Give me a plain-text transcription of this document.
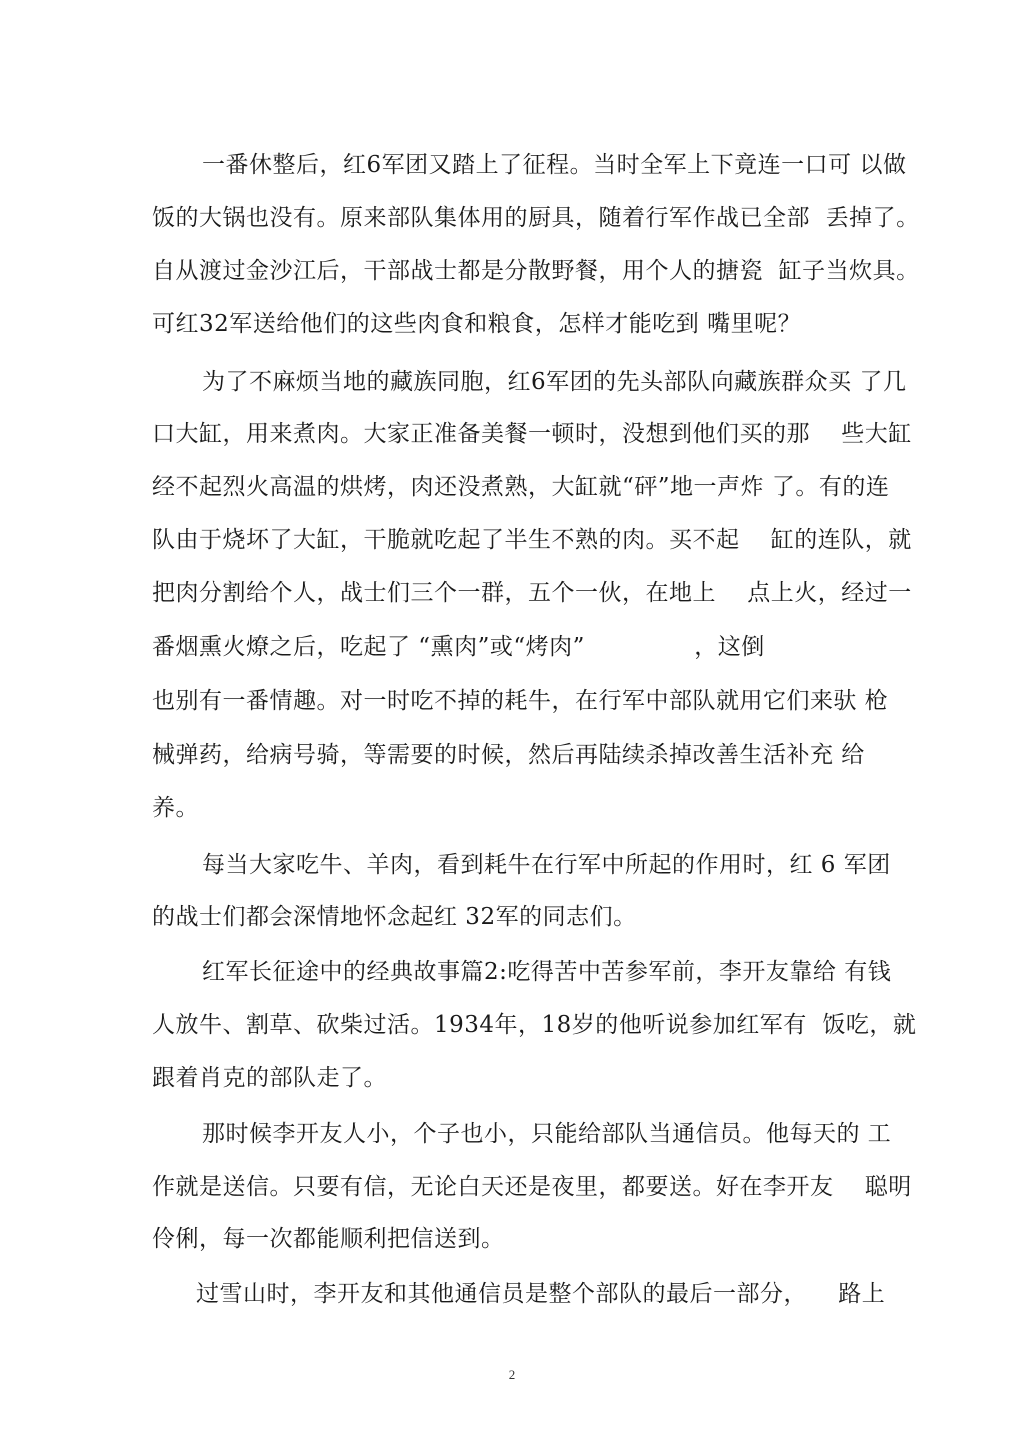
一番休整后，红6军团又踏上了征程。当时全军上下竟连一口可 以做
饭的大锅也没有。原来部队集体用的厨具，随着行军作战已全部  丢掉了。
自从渡过金沙江后，干部战士都是分散野餐，用个人的搪瓷  缸子当炊具。
可红32军送给他们的这些肉食和粮食，怎样才能吃到 嘴里呢？
为了不麻烦当地的藏族同胞，红6军团的先头部队向藏族群众买 了几
口大缸，用来煮肉。大家正准备美餐一顿时，没想到他们买的那    些大缸
经不起烈火高温的烘烤，肉还没煮熟，大缸就“砰”地一声炸 了。有的连
队由于烧坏了大缸，干脆就吃起了半生不熟的肉。买不起    缸的连队，就
把肉分割给个人，战士们三个一群，五个一伙，在地上    点上火，经过一
番烟熏火燎之后，吃起了 “熏肉”或“烤肉”              ，这倒
也别有一番情趣。对一时吃不掉的耗牛，在行军中部队就用它们来驮 枪
械弹药，给病号骑，等需要的时候，然后再陆续杀掉改善生活补充 给
养。
每当大家吃牛、羊肉，看到耗牛在行军中所起的作用时，红 6 军团
的战士们都会深情地怀念起红 32军的同志们。
红军长征途中的经典故事篇2:吃得苦中苦参军前，李开友靠给 有钱
人放牛、割草、砍柴过活。1934年，18岁的他听说参加红军有  饭吃，就
跟着肖克的部队走了。
那时候李开友人小，个子也小，只能给部队当通信员。他每天的 工
作就是送信。只要有信，无论白天还是夜里，都要送。好在李开友    聪明
伶俐，每一次都能顺利把信送到。
过雪山时，李开友和其他通信员是整个部队的最后一部分，    路上
2
